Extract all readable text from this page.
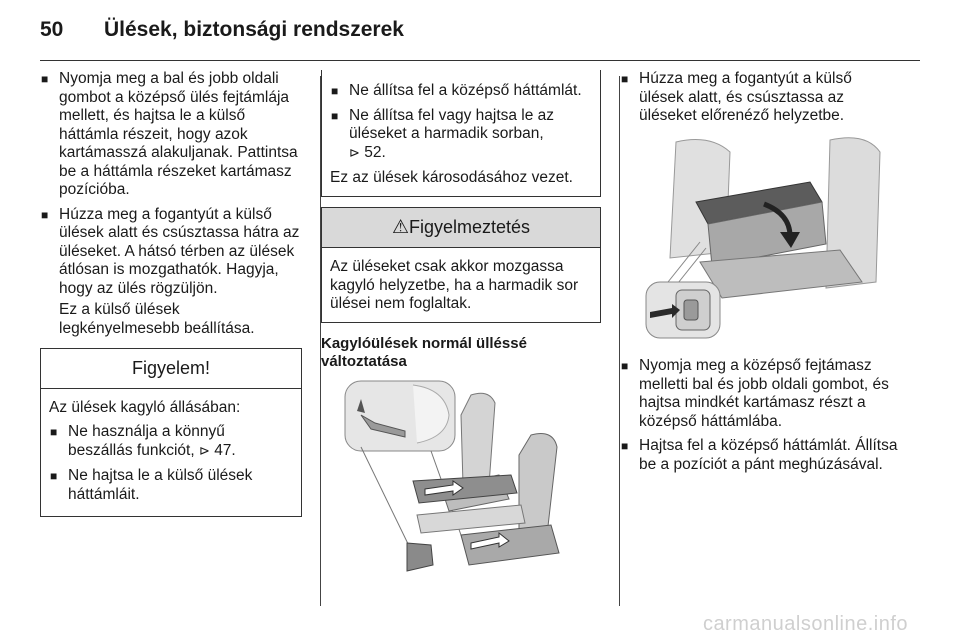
50 Ülések, biztonsági rendszerek
■ Nyomja meg a bal és jobb oldali gombot a középső ülés fejtámlája mellett, és hajtsa le a külső háttámla részeit, hogy azok kartámasszá alakuljanak. Pattintsa be a háttámla részeket kartámasz pozícióba.
■ Húzza meg a fogantyút a külső ülések alatt és csúsztassa hátra az üléseket. A hátsó térben az ülések átlósan is mozgathatók. Hagyja, hogy az ülés rögzüljön.
Ez a külső ülések legkényelmesebb beállítása.
Figyelem!
Az ülések kagyló állásában:
■ Ne használja a könnyű beszállás funkciót, ⊳ 47.
■ Ne hajtsa le a külső ülések háttámláit.
■ Ne állítsa fel a középső háttámlát.
■ Ne állítsa fel vagy hajtsa le az üléseket a harmadik sorban,
⊳ 52.
Ez az ülések károsodásához vezet.
⚠Figyelmeztetés
Az üléseket csak akkor mozgassa kagyló helyzetbe, ha a harmadik sor ülései nem foglaltak.
Kagylóülések normál ülléssé változtatása
■ Húzza meg a fogantyút a külső ülések alatt, és csúsztassa az üléseket előrenéző helyzetbe.
■ Nyomja meg a középső fejtámasz melletti bal és jobb oldali gombot, és hajtsa mindkét kartámasz részt a középső háttámlába.
■ Hajtsa fel a középső háttámlát. Állítsa be a pozíciót a pánt meghúzásával.
carmanualsonline.info
